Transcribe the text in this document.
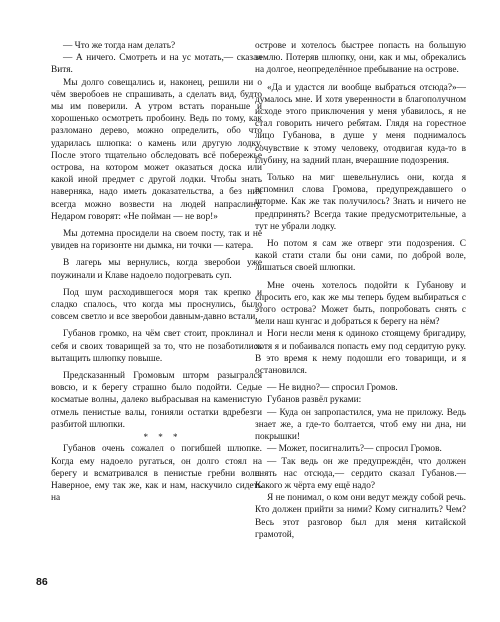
— Что же тогда нам делать?

— А ничего. Смотреть и на ус мотать,— сказал Витя.

Мы долго совещались и, наконец, решили ни о чём зверобоев не спрашивать, а сделать вид, будто мы им поверили. А утром встать пораньше и хорошенько осмотреть пробоину. Ведь по тому, как разломано дерево, можно определить, обо что ударилась шлюпка: о камень или другую лодку. После этого тщательно обследовать всё побережье острова, на котором может оказаться доска или какой иной предмет с другой лодки. Чтобы знать наверняка, надо иметь доказательства, а без них всегда можно возвести на людей напраслину. Недаром говорят: «Не пойман — не вор!»

Мы дотемна просидели на своем посту, так и не увидев на горизонте ни дымка, ни точки — катера.

В лагерь мы вернулись, когда зверобои уже поужинали и Клаве надоело подогревать суп.

Под шум расходившегося моря так крепко и сладко спалось, что когда мы проснулись, было совсем светло и все зверобои давным-давно встали.

Губанов громко, на чём свет стоит, проклинал и себя и своих товарищей за то, что не позаботились вытащить шлюпку повыше.

Предсказанный Громовым шторм разыгрался вовсю, и к берегу страшно было подойти. Седые косматые волны, далеко выбрасывая на каменистую отмель пенистые валы, гонияли остатки вдребезги разбитой шлюпки.

* * *

Губанов очень сожалел о погибшей шлюпке. Когда ему надоело ругаться, он долго стоял на берегу и всматривался в пенистые гребни волн. Наверное, ему так же, как и нам, наскучило сидеть на

острове и хотелось быстрее попасть на большую землю. Потеряв шлюпку, они, как и мы, обрекались на долгое, неопределённое пребывание на острове.

«Да и удастся ли вообще выбраться отсюда?»— думалось мне. И хотя уверенности в благополучном исходе этого приключения у меня убавилось, я не стал говорить ничего ребятам. Глядя на горестное лицо Губанова, в душе у меня поднималось сочувствие к этому человеку, отодвигая куда-то в глубину, на задний план, вчерашние подозрения.

Только на миг шевельнулись они, когда я вспомнил слова Громова, предупреждавшего о шторме. Как же так получилось? Знать и ничего не предпринять? Всегда такие предусмотрительные, а тут не убрали лодку.

Но потом я сам же отверг эти подозрения. С какой стати стали бы они сами, по доброй воле, лишаться своей шлюпки.

Мне очень хотелось подойти к Губанову и спросить его, как же мы теперь будем выбираться с этого острова? Может быть, попробовать снять с мели наш кунгас и добраться к берегу на нём?

Ноги несли меня к одиноко стоящему бригадиру, хотя я и побаивался попасть ему под сердитую руку. В это время к нему подошли его товарищи, и я остановился.

— Не видно?— спросил Громов.

Губанов развёл руками:

— Куда он запропастился, ума не приложу. Ведь знает же, а где-то болтается, чтоб ему ни дна, ни покрышки!

— Может, посигналить?— спросил Громов.

— Так ведь он же предупреждён, что должен снять нас отсюда,— сердито сказал Губанов.— Какого ж чёрта ему ещё надо?

Я не понимал, о ком они ведут между собой речь. Кто должен прийти за ними? Кому сигналить? Чем? Весь этот разговор был для меня китайской грамотой,

86
